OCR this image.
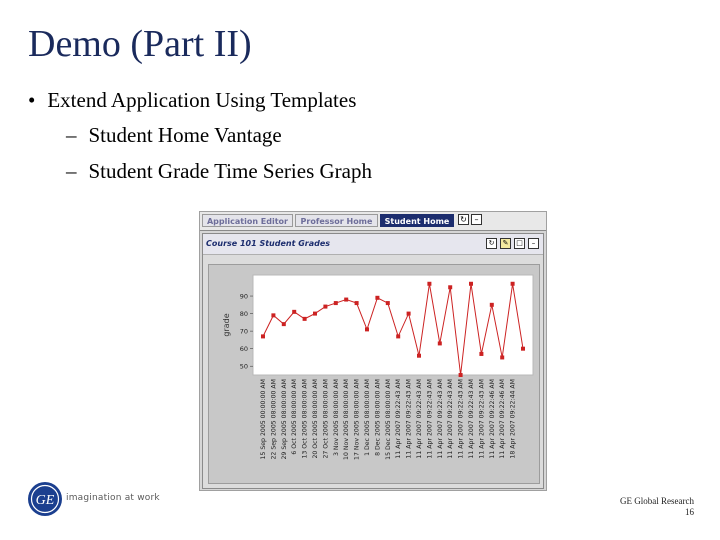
Demo (Part II)
• Extend Application Using Templates
– Student Home Vantage
– Student Grade Time Series Graph
Application Editor	Professor Home	Student Home	↻ –
Course 101 Student Grades	↻	✎	□	–
50
60
70
80
90
grade
15 Sep 2005 00:00:00 AM 22 Sep 2005 08:00:00 AM 29 Sep 2005 08:00:00 AM 6 Oct 2005 08:00:00 AM 13 Oct 2005 08:00:00 AM 20 Oct 2005 08:00:00 AM 27 Oct 2005 08:00:00 AM 3 Nov 2005 08:00:00 AM 10 Nov 2005 08:00:00 AM 17 Nov 2005 08:00:00 AM 1 Dec 2005 08:00:00 AM 8 Dec 2005 08:00:00 AM 15 Dec 2005 08:00:00 AM 11 Apr 2007 09:22:43 AM 11 Apr 2007 09:22:43 AM 11 Apr 2007 09:22:43 AM 11 Apr 2007 09:22:43 AM 11 Apr 2007 09:22:43 AM 11 Apr 2007 09:22:43 AM 11 Apr 2007 09:22:43 AM 11 Apr 2007 09:22:43 AM 11 Apr 2007 09:22:43 AM 11 Apr 2007 09:22:46 AM 11 Apr 2007 09:22:46 AM 18 Apr 2007 09:22:44 AM
GE imagination at work	GE Global Research
16
